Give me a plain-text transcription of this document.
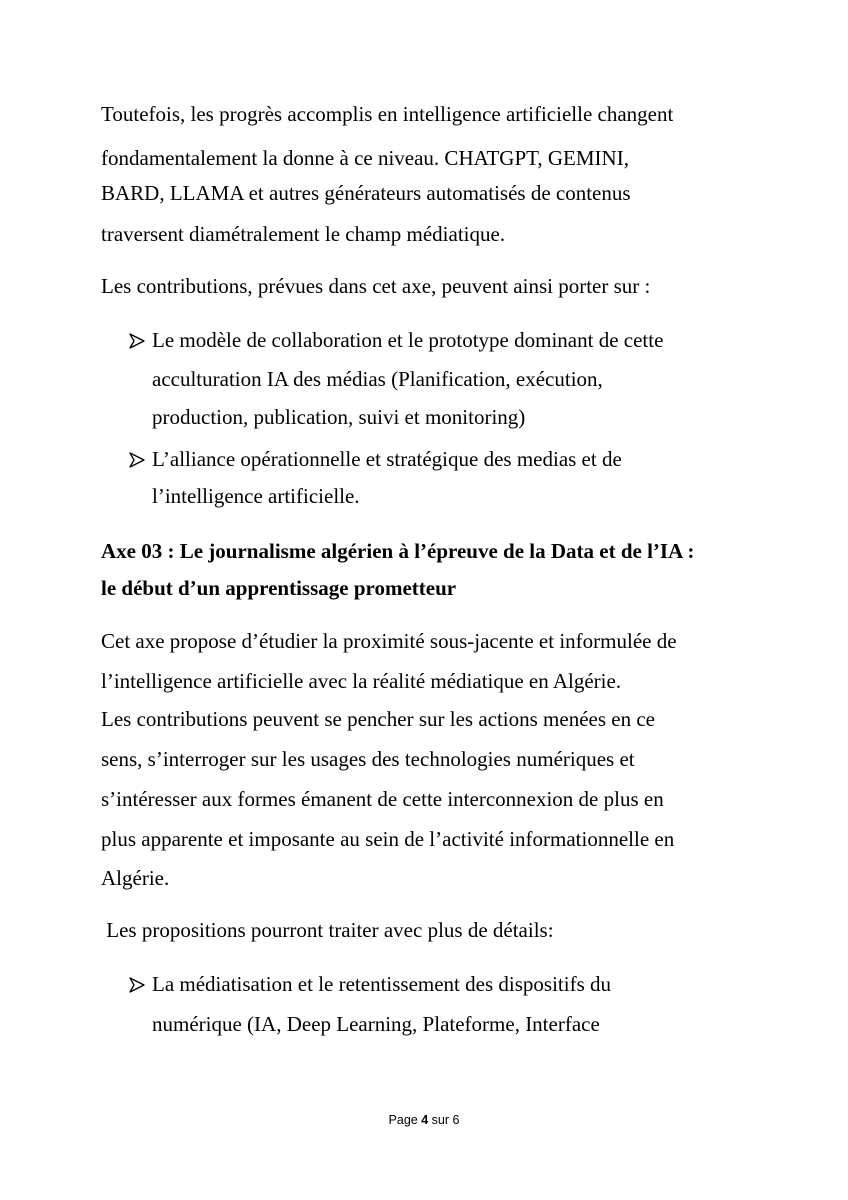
Toutefois, les progrès accomplis en intelligence artificielle changent
fondamentalement la donne à ce niveau. CHATGPT, GEMINI,
BARD, LLAMA et autres générateurs automatisés de contenus
traversent diamétralement le champ médiatique.
Les contributions, prévues dans cet axe, peuvent ainsi porter sur :
Le modèle de collaboration et le prototype dominant de cette
acculturation IA des médias (Planification, exécution,
production, publication, suivi et monitoring)
L’alliance opérationnelle et stratégique des medias et de
l’intelligence artificielle.
Axe 03 : Le journalisme algérien à l’épreuve de la Data et de l’IA :
le début d’un apprentissage prometteur
Cet axe propose d’étudier la proximité sous-jacente et informulée de
l’intelligence artificielle avec la réalité médiatique en Algérie.
Les contributions peuvent se pencher sur les actions menées en ce
sens, s’interroger sur les usages des technologies numériques et
s’intéresser aux formes émanent de cette interconnexion de plus en
plus apparente et imposante au sein de l’activité informationnelle en
Algérie.
Les propositions pourront traiter avec plus de détails:
La médiatisation et le retentissement des dispositifs du
numérique (IA, Deep Learning, Plateforme, Interface
Page 4 sur 6
